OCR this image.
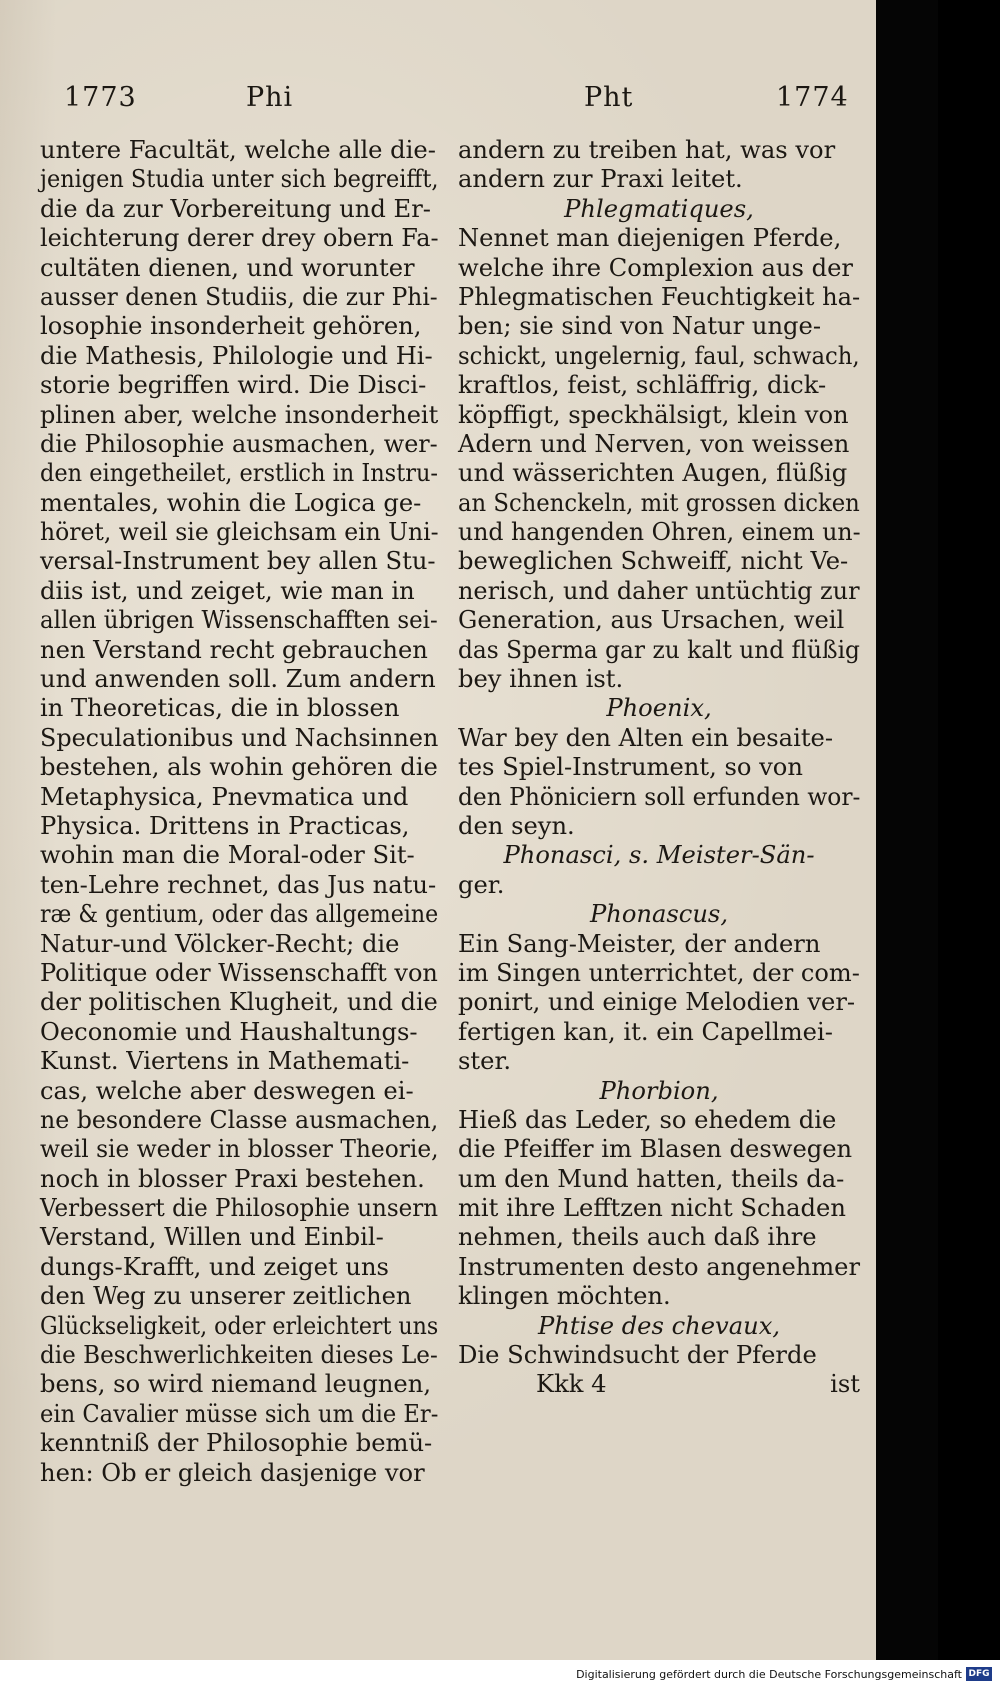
1773	Phi	Pht	1774
untere Facultät, welche alle die-
jenigen Studia unter sich begreifft,
die da zur Vorbereitung und Er-
leichterung derer drey obern Fa-
cultäten dienen, und worunter
ausser denen Studiis, die zur Phi-
losophie insonderheit gehören,
die Mathesis, Philologie und Hi-
storie begriffen wird. Die Disci-
plinen aber, welche insonderheit
die Philosophie ausmachen, wer-
den eingetheilet, erstlich in Instru-
mentales, wohin die Logica ge-
höret, weil sie gleichsam ein Uni-
versal-Instrument bey allen Stu-
diis ist, und zeiget, wie man in
allen übrigen Wissenschafften sei-
nen Verstand recht gebrauchen
und anwenden soll. Zum andern
in Theoreticas, die in blossen
Speculationibus und Nachsinnen
bestehen, als wohin gehören die
Metaphysica, Pnevmatica und
Physica. Drittens in Practicas,
wohin man die Moral-oder Sit-
ten-Lehre rechnet, das Jus natu-
ræ & gentium, oder das allgemeine
Natur-und Völcker-Recht; die
Politique oder Wissenschafft von
der politischen Klugheit, und die
Oeconomie und Haushaltungs-
Kunst. Viertens in Mathemati-
cas, welche aber deswegen ei-
ne besondere Classe ausmachen,
weil sie weder in blosser Theorie,
noch in blosser Praxi bestehen.
Verbessert die Philosophie unsern
Verstand, Willen und Einbil-
dungs-Krafft, und zeiget uns
den Weg zu unserer zeitlichen
Glückseligkeit, oder erleichtert uns
die Beschwerlichkeiten dieses Le-
bens, so wird niemand leugnen,
ein Cavalier müsse sich um die Er-
kenntniß der Philosophie bemü-
hen: Ob er gleich dasjenige vor
andern zu treiben hat, was vor
andern zur Praxi leitet.
Phlegmatiques,
Nennet man diejenigen Pferde,
welche ihre Complexion aus der
Phlegmatischen Feuchtigkeit ha-
ben; sie sind von Natur unge-
schickt, ungelernig, faul, schwach,
kraftlos, feist, schläffrig, dick-
köpffigt, speckhälsigt, klein von
Adern und Nerven, von weissen
und wässerichten Augen, flüßig
an Schenckeln, mit grossen dicken
und hangenden Ohren, einem un-
beweglichen Schweiff, nicht Ve-
nerisch, und daher untüchtig zur
Generation, aus Ursachen, weil
das Sperma gar zu kalt und flüßig
bey ihnen ist.
Phoenix,
War bey den Alten ein besaite-
tes Spiel-Instrument, so von
den Phöniciern soll erfunden wor-
den seyn.
Phonasci, s. Meister-Sän-
ger.
Phonascus,
Ein Sang-Meister, der andern
im Singen unterrichtet, der com-
ponirt, und einige Melodien ver-
fertigen kan, it. ein Capellmei-
ster.
Phorbion,
Hieß das Leder, so ehedem die
die Pfeiffer im Blasen deswegen
um den Mund hatten, theils da-
mit ihre Lefftzen nicht Schaden
nehmen, theils auch daß ihre
Instrumenten desto angenehmer
klingen möchten.
Phtise des chevaux,
Die Schwindsucht der Pferde
Kkk 4	ist
Digitalisierung gefördert durch die Deutsche Forschungsgemeinschaft DFG
